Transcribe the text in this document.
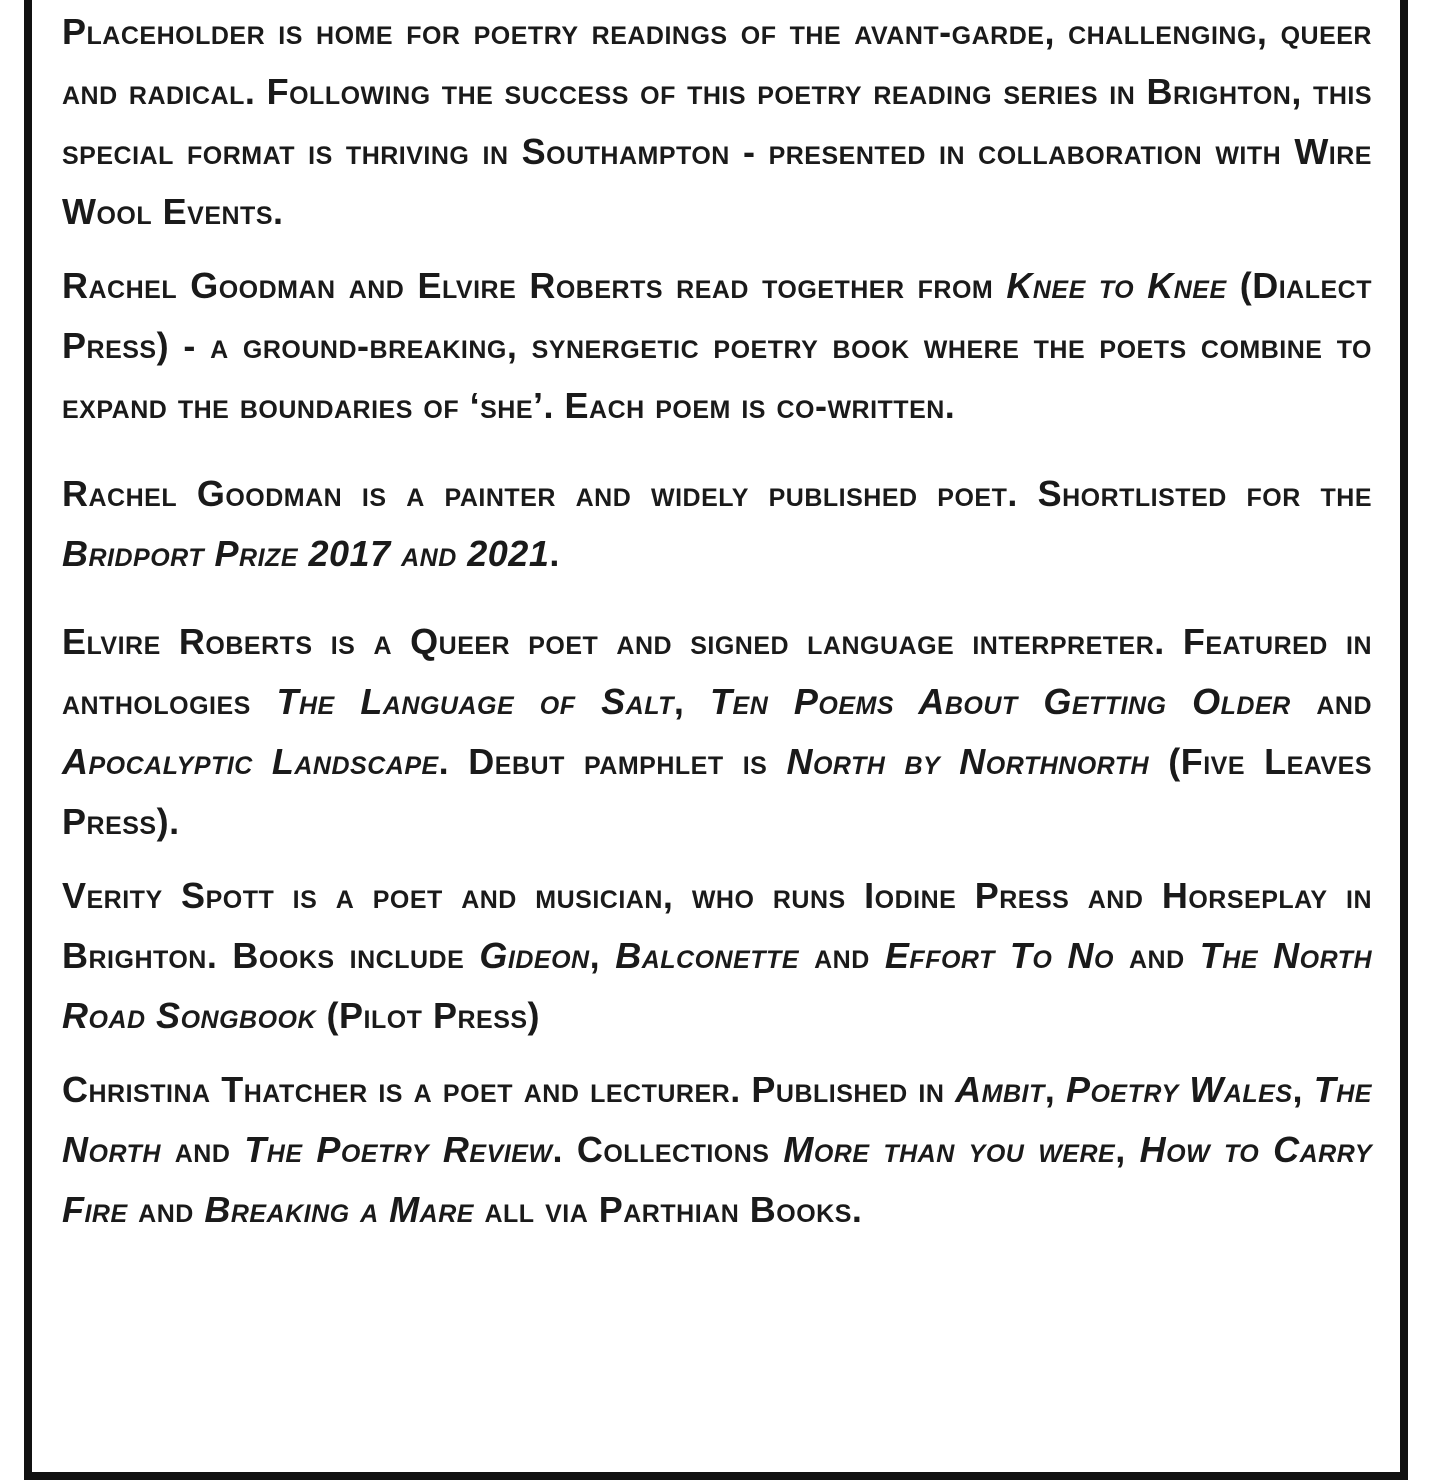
Placeholder is home for poetry readings of the avant-garde, challenging, queer and radical. Following the success of this poetry reading series in Brighton, this special format is thriving in Southampton - presented in collaboration with Wire Wool Events.

Rachel Goodman and Elvire Roberts read together from Knee to Knee (Dialect Press) - a ground-breaking, synergetic poetry book where the poets combine to expand the boundaries of ‘she’. Each poem is co-written.

Rachel Goodman is a painter and widely published poet. Shortlisted for the Bridport Prize 2017 and 2021.

Elvire Roberts is a Queer poet and signed language interpreter. Featured in anthologies The Language of Salt, Ten Poems About Getting Older and Apocalyptic Landscape. Debut pamphlet is North by Northnorth (Five Leaves Press).

Verity Spott is a poet and musician, who runs Iodine Press and Horseplay in Brighton. Books include Gideon, Balconette and Effort To No and The North Road Songbook (Pilot Press)

Christina Thatcher is a poet and lecturer. Published in Ambit, Poetry Wales, The North and The Poetry Review. Collections More than you were, How to Carry Fire and Breaking a Mare all via Parthian Books.
